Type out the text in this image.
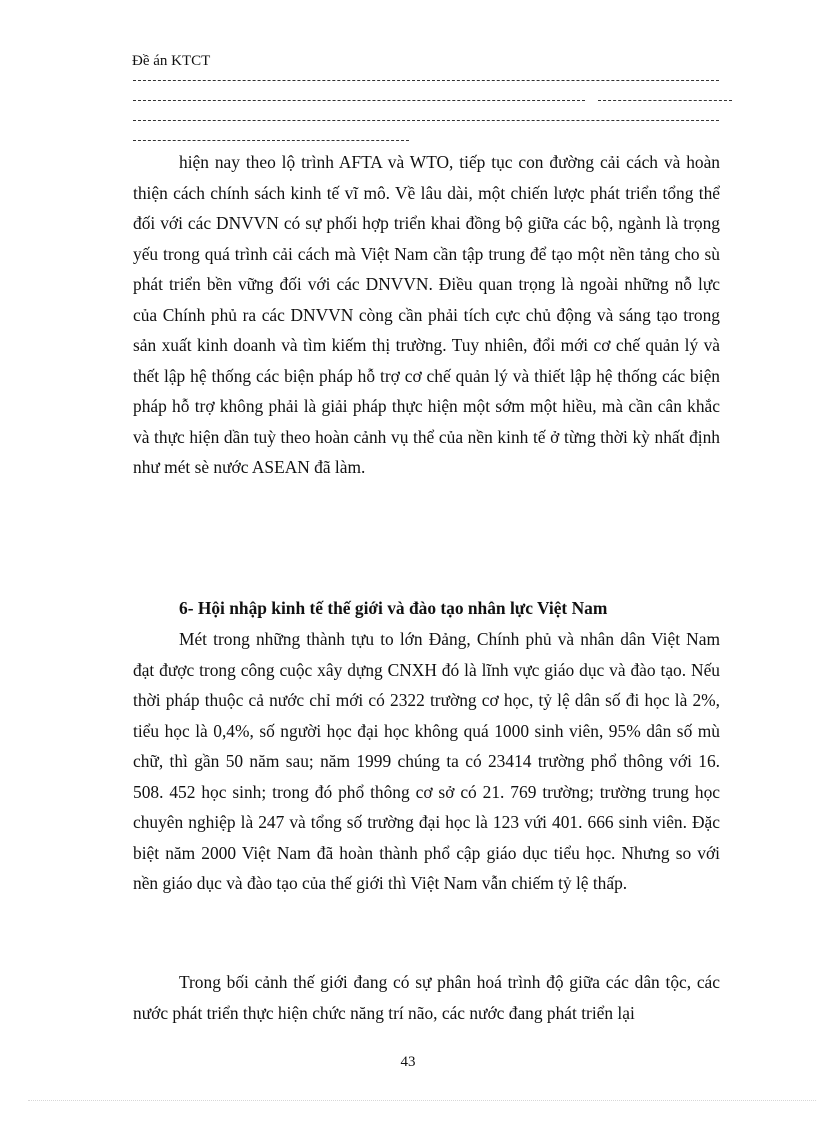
Đề án KTCT
hiện nay theo lộ trình AFTA và WTO, tiếp tục con đường cải cách và hoàn thiện cách chính sách kinh tế vĩ mô. Về lâu dài, một chiến lược phát triển tổng thể đối với các DNVVN có sự phối hợp triển khai đồng bộ giữa các bộ, ngành là trọng yếu trong quá trình cải cách mà Việt Nam cần tập trung để tạo một nền tảng cho sù phát triển bền vững đối với các DNVVN. Điều quan trọng là ngoài những nỗ lực của Chính phủ ra các DNVVN còng cần phải tích cực chủ động và sáng tạo trong sản xuất kinh doanh và tìm kiếm thị trường. Tuy nhiên, đổi mới cơ chế quản lý và thết lập hệ thống các biện pháp hỗ trợ cơ chế quản lý và thiết lập hệ thống các biện pháp hỗ trợ không phải là giải pháp thực hiện một sớm một hiều, mà cần cân khắc và thực hiện dần tuỳ theo hoàn cảnh vụ thể của nền kinh tế ở từng thời kỳ nhất định như mét sè nước ASEAN đã làm.
6- Hội nhập kinh tế thế giới và đào tạo nhân lực Việt Nam
Mét trong những thành tựu to lớn Đảng, Chính phủ và nhân dân Việt Nam đạt được trong công cuộc xây dựng CNXH đó là lĩnh vực giáo dục và đào tạo. Nếu thời pháp thuộc cả nước chỉ mới có 2322 trường cơ học, tỷ lệ dân số đi học là 2%, tiểu học là 0,4%, số người học đại học không quá 1000 sinh viên, 95% dân số mù chữ, thì gần 50 năm sau; năm 1999 chúng ta có 23414 trường phổ thông với 16. 508. 452 học sinh; trong đó phổ thông cơ sở có 21. 769 trường; trường trung học chuyên nghiệp là 247 và tổng số trường đại học là 123 vứi 401. 666 sinh viên. Đặc biệt năm 2000 Việt Nam đã hoàn thành phổ cập giáo dục tiểu học. Nhưng so với nền giáo dục và đào tạo của thế giới thì Việt Nam vẫn chiếm tỷ lệ thấp.
Trong bối cảnh thế giới đang có sự phân hoá trình độ giữa các dân tộc, các nước phát triển thực hiện chức năng trí não, các nước đang phát triển lại
43
